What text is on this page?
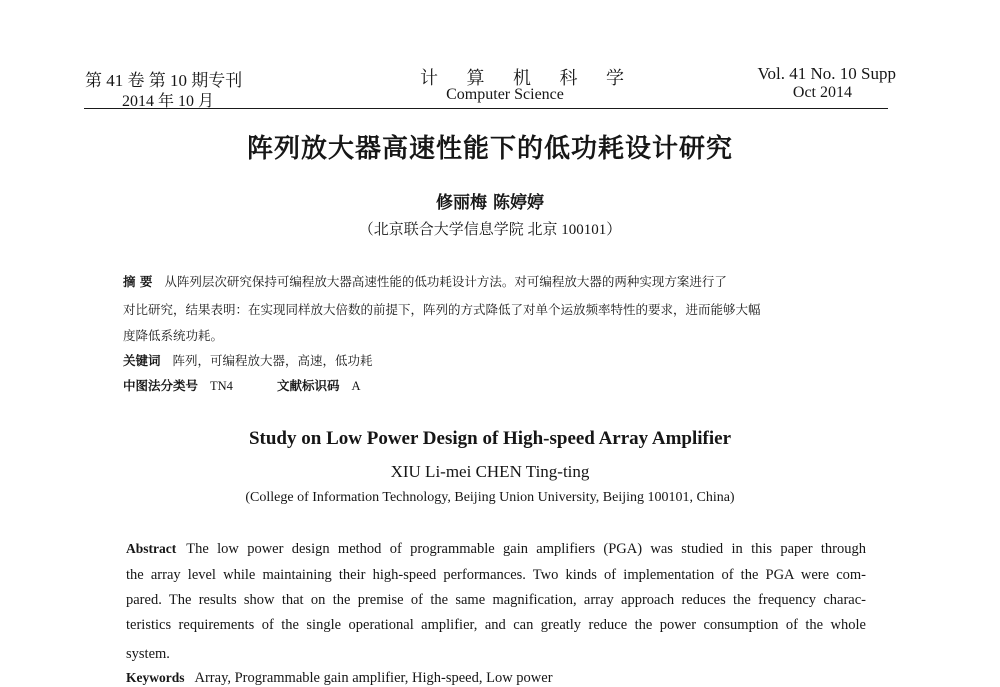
第 41 卷 第 10 期专刊
2014 年 10 月
计 算 机 科 学
Computer Science
Vol. 41 No. 10 Supp
Oct 2014
阵列放大器高速性能下的低功耗设计研究
修丽梅 陈婷婷
（北京联合大学信息学院 北京 100101）
摘 要 从阵列层次研究保持可编程放大器高速性能的低功耗设计方法。对可编程放大器的两种实现方案进行了
对比研究，结果表明：在实现同样放大倍数的前提下，阵列的方式降低了对单个运放频率特性的要求，进而能够大幅
度降低系统功耗。
关键词 阵列，可编程放大器，高速，低功耗
中图法分类号 TN4	文献标识码 A
Study on Low Power Design of High-speed Array Amplifier
XIU Li-mei CHEN Ting-ting
(College of Information Technology, Beijing Union University, Beijing 100101, China)
Abstract The low power design method of programmable gain amplifiers (PGA) was studied in this paper through
the array level while maintaining their high-speed performances. Two kinds of implementation of the PGA were com-
pared. The results show that on the premise of the same magnification, array approach reduces the frequency charac-
teristics requirements of the single operational amplifier, and can greatly reduce the power consumption of the whole
system.
Keywords Array, Programmable gain amplifier, High-speed, Low power
